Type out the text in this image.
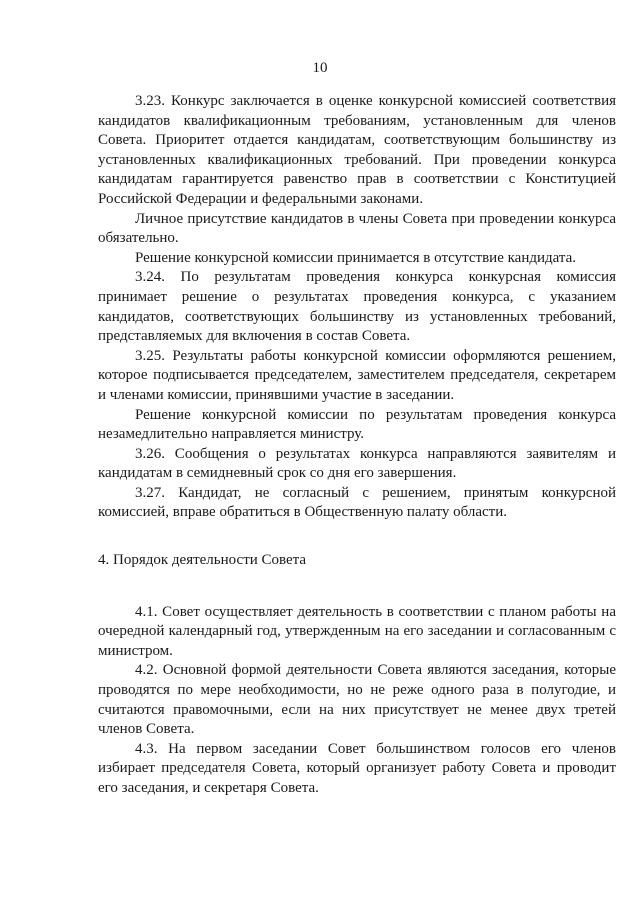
10

3.23. Конкурс заключается в оценке конкурсной комиссией соответствия кандидатов квалификационным требованиям, установленным для членов Совета. Приоритет отдается кандидатам, соответствующим большинству из установленных квалификационных требований. При проведении конкурса кандидатам гарантируется равенство прав в соответствии с Конституцией Российской Федерации и федеральными законами.

Личное присутствие кандидатов в члены Совета при проведении конкурса обязательно.

Решение конкурсной комиссии принимается в отсутствие кандидата.

3.24. По результатам проведения конкурса конкурсная комиссия принимает решение о результатах проведения конкурса, с указанием кандидатов, соответствующих большинству из установленных требований, представляемых для включения в состав Совета.

3.25. Результаты работы конкурсной комиссии оформляются решением, которое подписывается председателем, заместителем председателя, секретарем и членами комиссии, принявшими участие в заседании.

Решение конкурсной комиссии по результатам проведения конкурса незамедлительно направляется министру.

3.26. Сообщения о результатах конкурса направляются заявителям и кандидатам в семидневный срок со дня его завершения.

3.27. Кандидат, не согласный с решением, принятым конкурсной комиссией, вправе обратиться в Общественную палату области.

4. Порядок деятельности Совета

4.1. Совет осуществляет деятельность в соответствии с планом работы на очередной календарный год, утвержденным на его заседании и согласованным с министром.

4.2. Основной формой деятельности Совета являются заседания, которые проводятся по мере необходимости, но не реже одного раза в полугодие, и считаются правомочными, если на них присутствует не менее двух третей членов Совета.

4.3. На первом заседании Совет большинством голосов его членов избирает председателя Совета, который организует работу Совета и проводит его заседания, и секретаря Совета.
